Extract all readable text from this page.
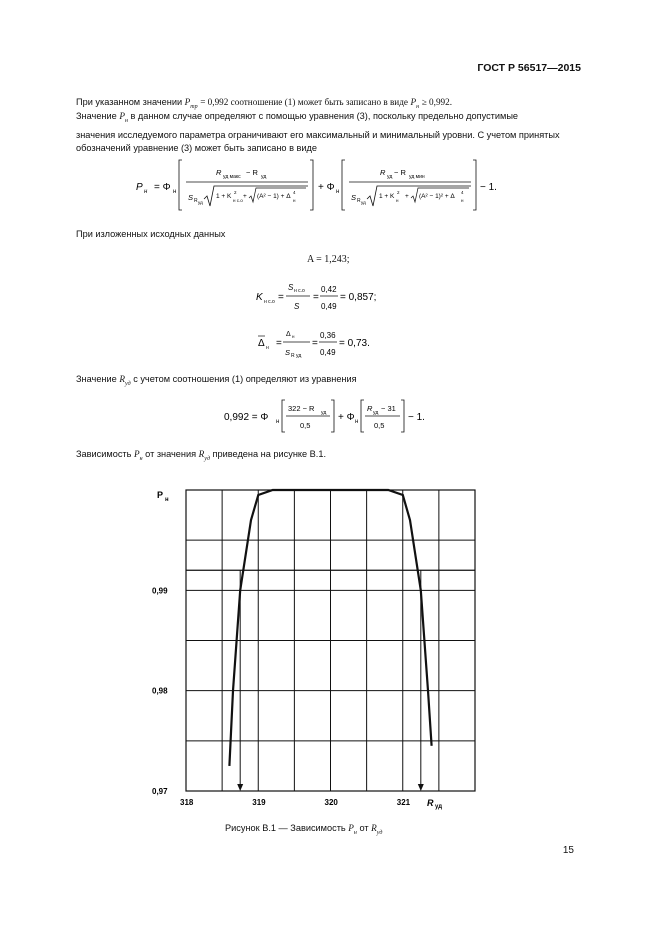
ГОСТ Р 56517—2015
При указанном значении $P_{mp} = 0,992$ соотношение (1) может быть записано в виде $P_н \ge 0,992$.
Значение $P_н$ в данном случае определяют с помощью уравнения (3), поскольку предельно допустимые
значения исследуемого параметра ограничивают его максимальный и минимальный уровни. С учетом принятых
обозначений уравнение (3) может быть записано в виде
P н = Φ н
R уд макс − R уд
S R уд
1 + K
2
н с.о
+ (A² − 1) + Δ
4
н
+ Φ н
R уд − R уд мин
S R уд
1 + K
2
н
+ (A² − 1)² + Δ
4
н
− 1.
При изложенных исходных данных
A = 1,243;
K н с.о =
S н с.о
S
=
0,42
0,49
= 0,857;
Δ н =
Δ н
S R уд
=
0,36
0,49
= 0,73.
Значение $R_{уд}$ с учетом соотношения (1) определяют из уравнения
0,992 = Φ н
322 − R уд
0,5
+ Φ н
R уд − 31
0,5
− 1.
Зависимость $P_н$ от значения $R_{уд}$ приведена на рисунке В.1.
318	319	320	321
0,97
0,98
0,99
P н
R уд
Рисунок В.1 — Зависимость $P_н$ от $R_{уд}$
15
